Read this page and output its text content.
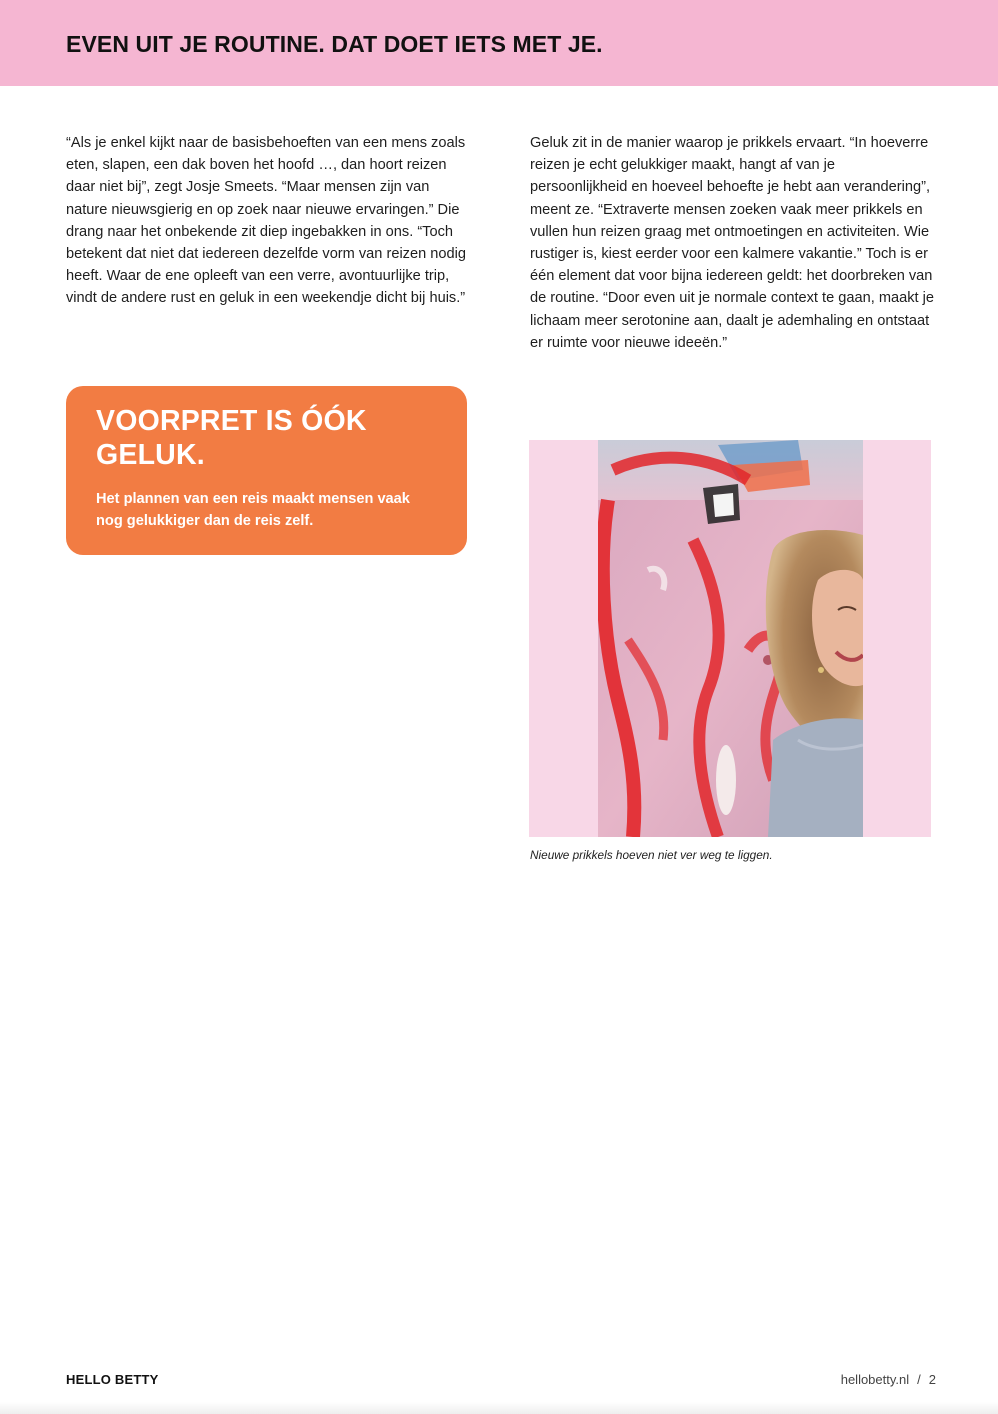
EVEN UIT JE ROUTINE. DAT DOET IETS MET JE.

“Als je enkel kijkt naar de basisbehoeften van een mens zoals eten, slapen, een dak boven het hoofd …, dan hoort reizen daar niet bij”, zegt Josje Smeets. “Maar mensen zijn van nature nieuwsgierig en op zoek naar nieuwe ervaringen.” Die drang naar het onbekende zit diep ingebakken in ons. “Toch betekent dat niet dat iedereen dezelfde vorm van reizen nodig heeft. Waar de ene opleeft van een verre, avontuurlijke trip, vindt de andere rust en geluk in een weekendje dicht bij huis.”

Geluk zit in de manier waarop je prikkels ervaart. “In hoeverre reizen je echt gelukkiger maakt, hangt af van je persoonlijkheid en hoeveel behoefte je hebt aan verandering”, meent ze. “Extraverte mensen zoeken vaak meer prikkels en vullen hun reizen graag met ontmoetingen en activiteiten. Wie rustiger is, kiest eerder voor een kalmere vakantie.” Toch is er één element dat voor bijna iedereen geldt: het doorbreken van de routine. “Door even uit je normale context te gaan, maakt je lichaam meer serotonine aan, daalt je ademhaling en ontstaat er ruimte voor nieuwe ideeën.”

VOORPRET IS ÓÓK GELUK.

Het plannen van een reis maakt mensen vaak nog gelukkiger dan de reis zelf.

Nieuwe prikkels hoeven niet ver weg te liggen.

HELLO BETTY	hellobetty.nl / 2
